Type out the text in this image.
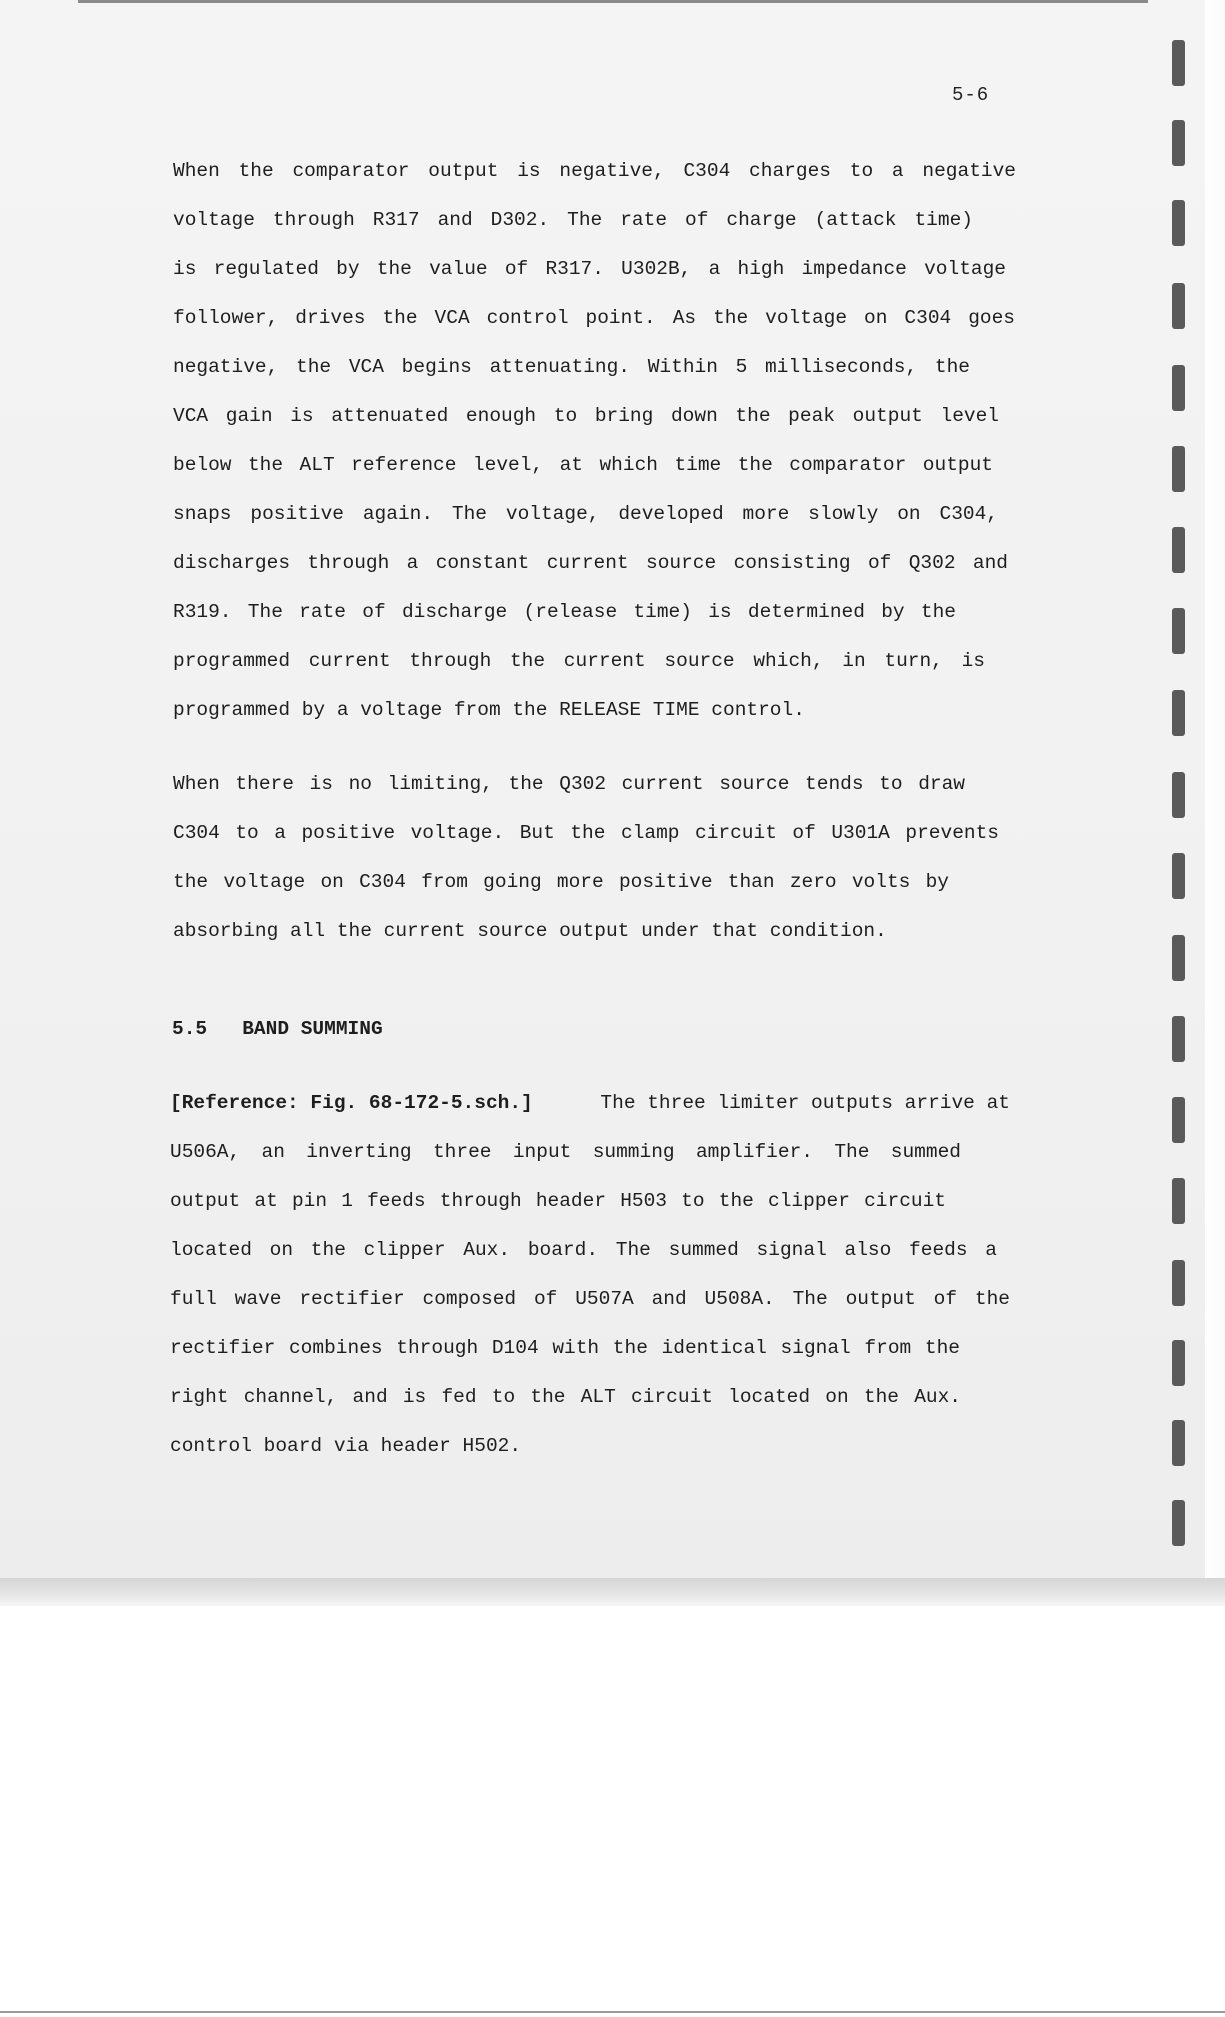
5-6
When the comparator output is negative, C304 charges to a negative
voltage through R317 and D302. The rate of charge (attack time)
is regulated by the value of R317. U302B, a high impedance voltage
follower, drives the VCA control point. As the voltage on C304 goes
negative, the VCA begins attenuating. Within 5 milliseconds, the
VCA gain is attenuated enough to bring down the peak output level
below the ALT reference level, at which time the comparator output
snaps positive again. The voltage, developed more slowly on C304,
discharges through a constant current source consisting of Q302 and
R319. The rate of discharge (release time) is determined by the
programmed current through the current source which, in turn, is
programmed by a voltage from the RELEASE TIME control.
When there is no limiting, the Q302 current source tends to draw
C304 to a positive voltage. But the clamp circuit of U301A prevents
the voltage on C304 from going more positive than zero volts by
absorbing all the current source output under that condition.
5.5 BAND SUMMING
[Reference: Fig. 68-172-5.sch.]	The three limiter outputs arrive at
U506A, an inverting three input summing amplifier. The summed
output at pin 1 feeds through header H503 to the clipper circuit
located on the clipper Aux. board. The summed signal also feeds a
full wave rectifier composed of U507A and U508A. The output of the
rectifier combines through D104 with the identical signal from the
right channel, and is fed to the ALT circuit located on the Aux.
control board via header H502.
